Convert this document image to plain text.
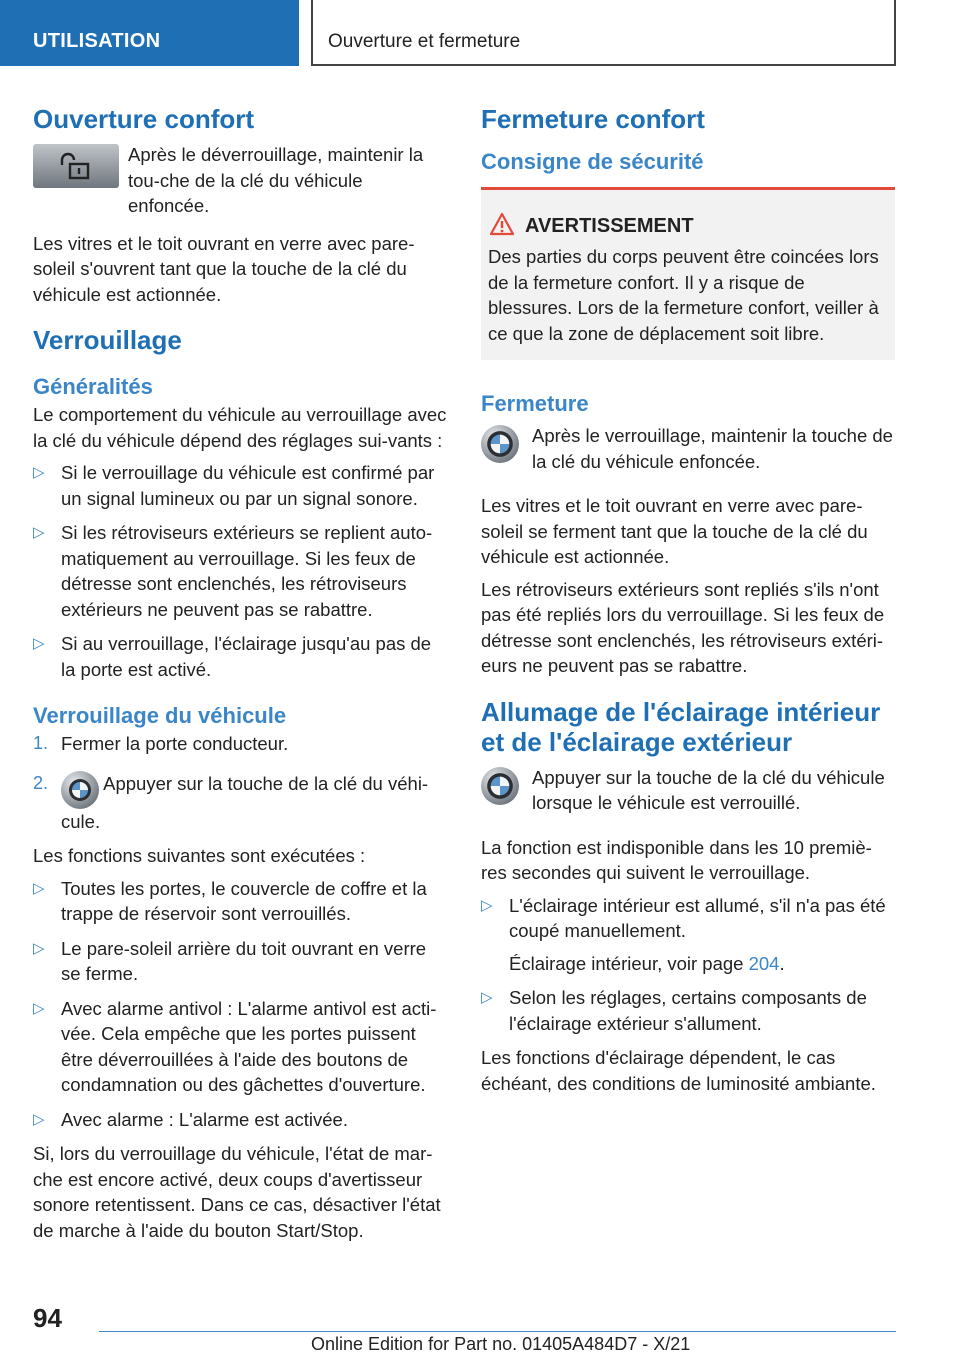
UTILISATION	Ouverture et fermeture
Ouverture confort
Après le déverrouillage, maintenir la tou-che de la clé du véhicule enfoncée.

Les vitres et le toit ouvrant en verre avec pare-soleil s'ouvrent tant que la touche de la clé du véhicule est actionnée.

Verrouillage
Généralités

Le comportement du véhicule au verrouillage avec la clé du véhicule dépend des réglages sui-vants :

▷ Si le verrouillage du véhicule est confirmé par un signal lumineux ou par un signal sonore.
▷ Si les rétroviseurs extérieurs se replient auto-matiquement au verrouillage. Si les feux de détresse sont enclenchés, les rétroviseurs extérieurs ne peuvent pas se rabattre.
▷ Si au verrouillage, l'éclairage jusqu'au pas de la porte est activé.
Verrouillage du véhicule
1. Fermer la porte conducteur.
2.	Appuyer sur la touche de la clé du véhi-cule.

Les fonctions suivantes sont exécutées :

▷ Toutes les portes, le couvercle de coffre et la trappe de réservoir sont verrouillés.
▷ Le pare-soleil arrière du toit ouvrant en verre se ferme.
▷ Avec alarme antivol : L'alarme antivol est acti-vée. Cela empêche que les portes puissent être déverrouillées à l'aide des boutons de condamnation ou des gâchettes d'ouverture.
▷ Avec alarme : L'alarme est activée.

Si, lors du verrouillage du véhicule, l'état de mar-che est encore activé, deux coups d'avertisseur sonore retentissent. Dans ce cas, désactiver l'état de marche à l'aide du bouton Start/Stop.

Fermeture confort
Consigne de sécurité
AVERTISSEMENT

Des parties du corps peuvent être coincées lors de la fermeture confort. Il y a risque de blessures. Lors de la fermeture confort, veiller à ce que la zone de déplacement soit libre.

Fermeture
Après le verrouillage, maintenir la touche de la clé du véhicule enfoncée.

Les vitres et le toit ouvrant en verre avec pare-soleil se ferment tant que la touche de la clé du véhicule est actionnée.

Les rétroviseurs extérieurs sont repliés s'ils n'ont pas été repliés lors du verrouillage. Si les feux de détresse sont enclenchés, les rétroviseurs extéri-eurs ne peuvent pas se rabattre.

Allumage de l'éclairage intérieur et de l'éclairage extérieur
Appuyer sur la touche de la clé du véhicule lorsque le véhicule est verrouillé.

La fonction est indisponible dans les 10 premiè-res secondes qui suivent le verrouillage.

▷ L'éclairage intérieur est allumé, s'il n'a pas été coupé manuellement.
Éclairage intérieur, voir page 204.
▷ Selon les réglages, certains composants de l'éclairage extérieur s'allument.

Les fonctions d'éclairage dépendent, le cas échéant, des conditions de luminosité ambiante.

94
Online Edition for Part no. 01405A484D7 - X/21
